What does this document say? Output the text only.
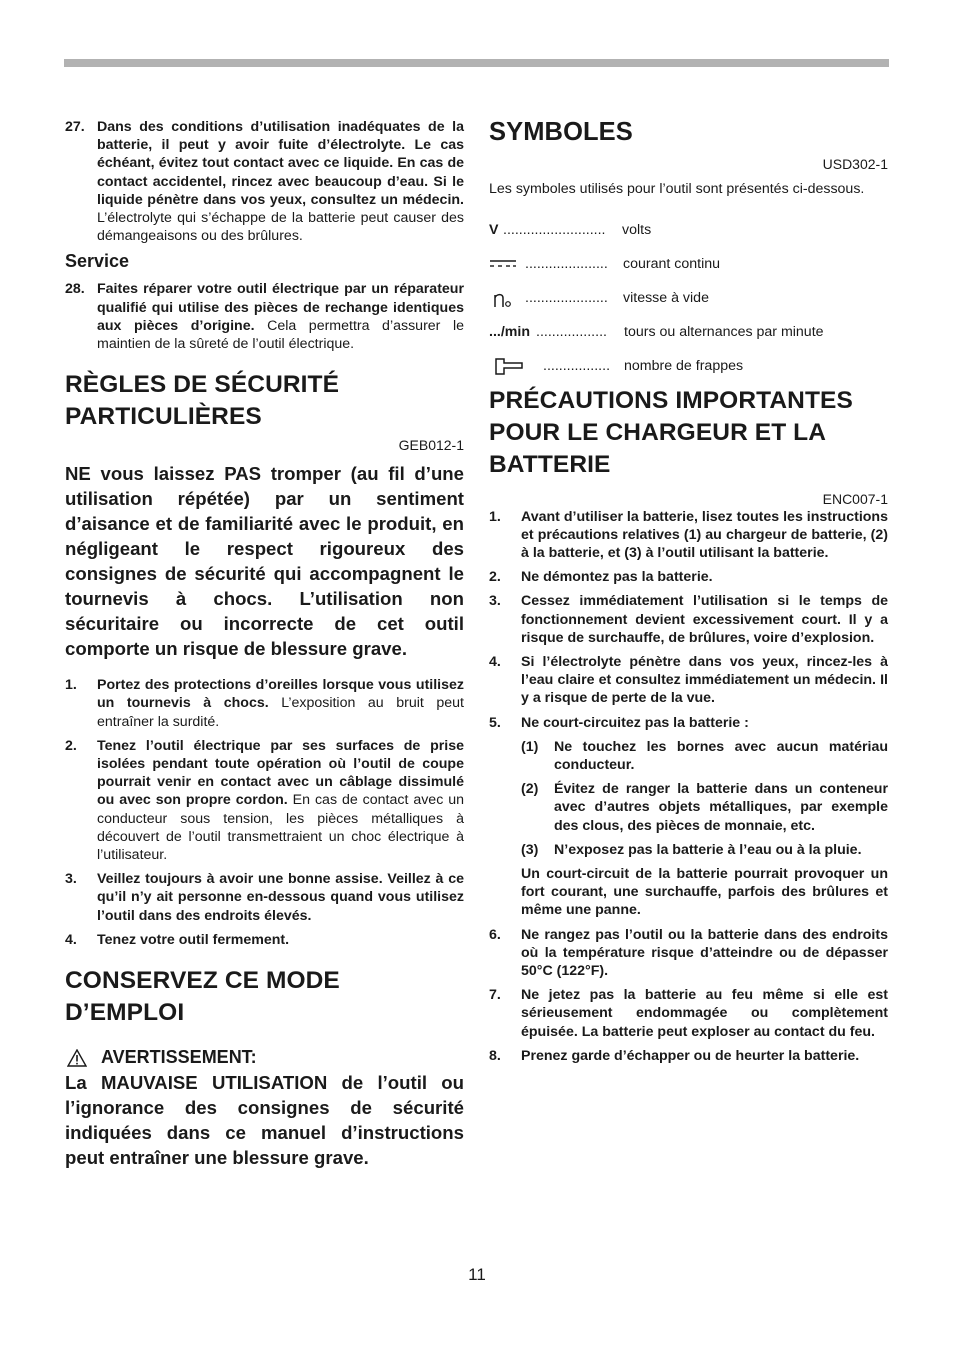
27. Dans des conditions d’utilisation inadéquates de la batterie, il peut y avoir fuite d’électrolyte. Le cas échéant, évitez tout contact avec ce liquide. En cas de contact accidentel, rincez avec beaucoup d’eau. Si le liquide pénètre dans vos yeux, consultez un médecin. L’électrolyte qui s’échappe de la batterie peut causer des démangeaisons ou des brûlures.
Service
28. Faites réparer votre outil électrique par un réparateur qualifié qui utilise des pièces de rechange identiques aux pièces d’origine. Cela permettra d’assurer le maintien de la sûreté de l’outil électrique.
RÈGLES DE SÉCURITÉ PARTICULIÈRES
GEB012-1

NE vous laissez PAS tromper (au fil d’une utilisation répétée) par un sentiment d’aisance et de familiarité avec le produit, en négligeant le respect rigoureux des consignes de sécurité qui accompagnent le tournevis à chocs. L’utilisation non sécuritaire ou incorrecte de cet outil comporte un risque de blessure grave.

1. Portez des protections d’oreilles lorsque vous utilisez un tournevis à chocs. L’exposition au bruit peut entraîner la surdité.
2. Tenez l’outil électrique par ses surfaces de prise isolées pendant toute opération où l’outil de coupe pourrait venir en contact avec un câblage dissimulé ou avec son propre cordon. En cas de contact avec un conducteur sous tension, les pièces métalliques à découvert de l’outil transmettraient un choc électrique à l’utilisateur.
3. Veillez toujours à avoir une bonne assise. Veillez à ce qu’il n’y ait personne en-dessous quand vous utilisez l’outil dans des endroits élevés.
4. Tenez votre outil fermement.
CONSERVEZ CE MODE D’EMPLOI
AVERTISSEMENT:

La MAUVAISE UTILISATION de l’outil ou l’ignorance des consignes de sécurité indiquées dans ce manuel d’instructions peut entraîner une blessure grave.

SYMBOLES
USD302-1

Les symboles utilisés pour l’outil sont présentés ci-dessous.

V ..........................	volts
.....................	courant continu
.....................	vitesse à vide
.../min ..................	tours ou alternances par minute
................. nombre de frappes
PRÉCAUTIONS IMPORTANTES POUR LE CHARGEUR ET LA BATTERIE
ENC007-1
1. Avant d’utiliser la batterie, lisez toutes les instructions et précautions relatives (1) au chargeur de batterie, (2) à la batterie, et (3) à l’outil utilisant la batterie.
2. Ne démontez pas la batterie.
3. Cessez immédiatement l’utilisation si le temps de fonctionnement devient excessivement court. Il y a risque de surchauffe, de brûlures, voire d’explosion.
4. Si l’électrolyte pénètre dans vos yeux, rincez-les à l’eau claire et consultez immédiatement un médecin. Il y a risque de perte de la vue.
5. Ne court-circuitez pas la batterie :
(1) Ne touchez les bornes avec aucun matériau conducteur.
(2) Évitez de ranger la batterie dans un conteneur avec d’autres objets métalliques, par exemple des clous, des pièces de monnaie, etc.
(3) N’exposez pas la batterie à l’eau ou à la pluie.
Un court-circuit de la batterie pourrait provoquer un fort courant, une surchauffe, parfois des brûlures et même une panne.
6. Ne rangez pas l’outil ou la batterie dans des endroits où la température risque d’atteindre ou de dépasser 50°C (122°F).
7. Ne jetez pas la batterie au feu même si elle est sérieusement endommagée ou complètement épuisée. La batterie peut exploser au contact du feu.
8. Prenez garde d’échapper ou de heurter la batterie.
11
